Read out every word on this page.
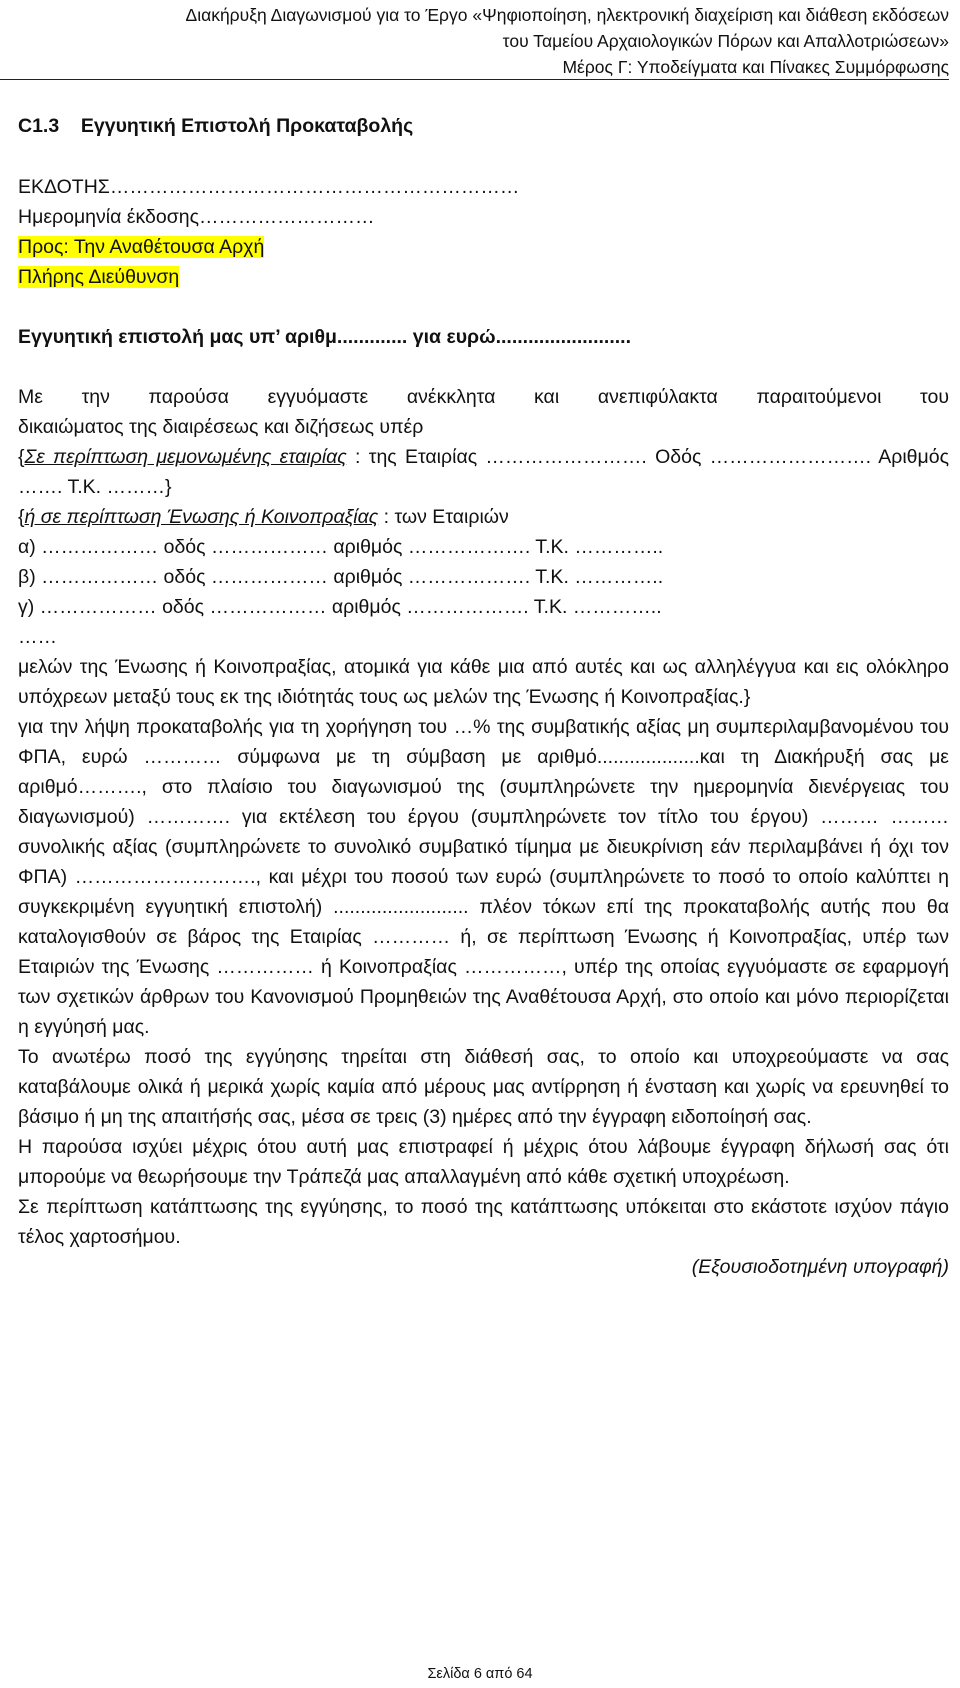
Διακήρυξη Διαγωνισμού για το Έργο «Ψηφιοποίηση, ηλεκτρονική διαχείριση και διάθεση εκδόσεων
του Ταμείου Αρχαιολογικών Πόρων και Απαλλοτριώσεων»
Μέρος Γ: Υποδείγματα και Πίνακες Συμμόρφωσης
C1.3 Εγγυητική Επιστολή Προκαταβολής
ΕΚΔΟΤΗΣ………………………………………………………
Ημερομηνία έκδοσης………………………
Προς: Την Αναθέτουσα Αρχή
Πλήρης Διεύθυνση
Εγγυητική επιστολή μας υπ’ αριθμ............. για ευρώ.........................
Με την παρούσα εγγυόμαστε ανέκκλητα και ανεπιφύλακτα παραιτούμενοι του
δικαιώματος της διαιρέσεως και διζήσεως υπέρ
{Σε περίπτωση μεμονωμένης εταιρίας : της Εταιρίας ……………………. Οδός ……………………. Αριθμός
……. Τ.Κ. ………}
{ή σε περίπτωση Ένωσης ή Κοινοπραξίας : των Εταιριών
α) ……………… οδός ……………… αριθμός ………………. Τ.Κ. …………..
β) ……………… οδός ……………… αριθμός ………………. Τ.Κ. …………..
γ) ……………… οδός ……………… αριθμός ………………. Τ.Κ. …………..
……

μελών της Ένωσης ή Κοινοπραξίας, ατομικά για κάθε μια από αυτές και ως αλληλέγγυα και εις ολόκληρο υπόχρεων μεταξύ τους εκ της ιδιότητάς τους ως μελών της Ένωσης ή Κοινοπραξίας.}

για την λήψη προκαταβολής για τη χορήγηση του …% της συμβατικής αξίας μη συμπεριλαμβανομένου του ΦΠΑ, ευρώ ………… σύμφωνα με τη σύμβαση με αριθμό...................και τη Διακήρυξή σας με αριθμό………., στο πλαίσιο του διαγωνισμού της (συμπληρώνετε την ημερομηνία διενέργειας του διαγωνισμού) …………. για εκτέλεση του έργου (συμπληρώνετε τον τίτλο του έργου) ……… ……… συνολικής αξίας (συμπληρώνετε το συνολικό συμβατικό τίμημα με διευκρίνιση εάν περιλαμβάνει ή όχι τον ΦΠΑ) ………………………., και μέχρι του ποσού των ευρώ (συμπληρώνετε το ποσό το οποίο καλύπτει η συγκεκριμένη εγγυητική επιστολή) ......................... πλέον τόκων επί της προκαταβολής αυτής που θα καταλογισθούν σε βάρος της Εταιρίας ………… ή, σε περίπτωση Ένωσης ή Κοινοπραξίας, υπέρ των Εταιριών της Ένωσης …………… ή Κοινοπραξίας ……………, υπέρ της οποίας εγγυόμαστε σε εφαρμογή των σχετικών άρθρων του Κανονισμού Προμηθειών της Αναθέτουσα Αρχή, στο οποίο και μόνο περιορίζεται η εγγύησή μας.

Το ανωτέρω ποσό της εγγύησης τηρείται στη διάθεσή σας, το οποίο και υποχρεούμαστε να σας καταβάλουμε ολικά ή μερικά χωρίς καμία από μέρους μας αντίρρηση ή ένσταση και χωρίς να ερευνηθεί το βάσιμο ή μη της απαιτήσής σας, μέσα σε τρεις (3) ημέρες από την έγγραφη ειδοποίησή σας.

Η παρούσα ισχύει μέχρις ότου αυτή μας επιστραφεί ή μέχρις ότου λάβουμε έγγραφη δήλωσή σας ότι μπορούμε να θεωρήσουμε την Τράπεζά μας απαλλαγμένη από κάθε σχετική υποχρέωση.

Σε περίπτωση κατάπτωσης της εγγύησης, το ποσό της κατάπτωσης υπόκειται στο εκάστοτε ισχύον πάγιο τέλος χαρτοσήμου.

(Εξουσιοδοτημένη υπογραφή)
Σελίδα 6 από 64
